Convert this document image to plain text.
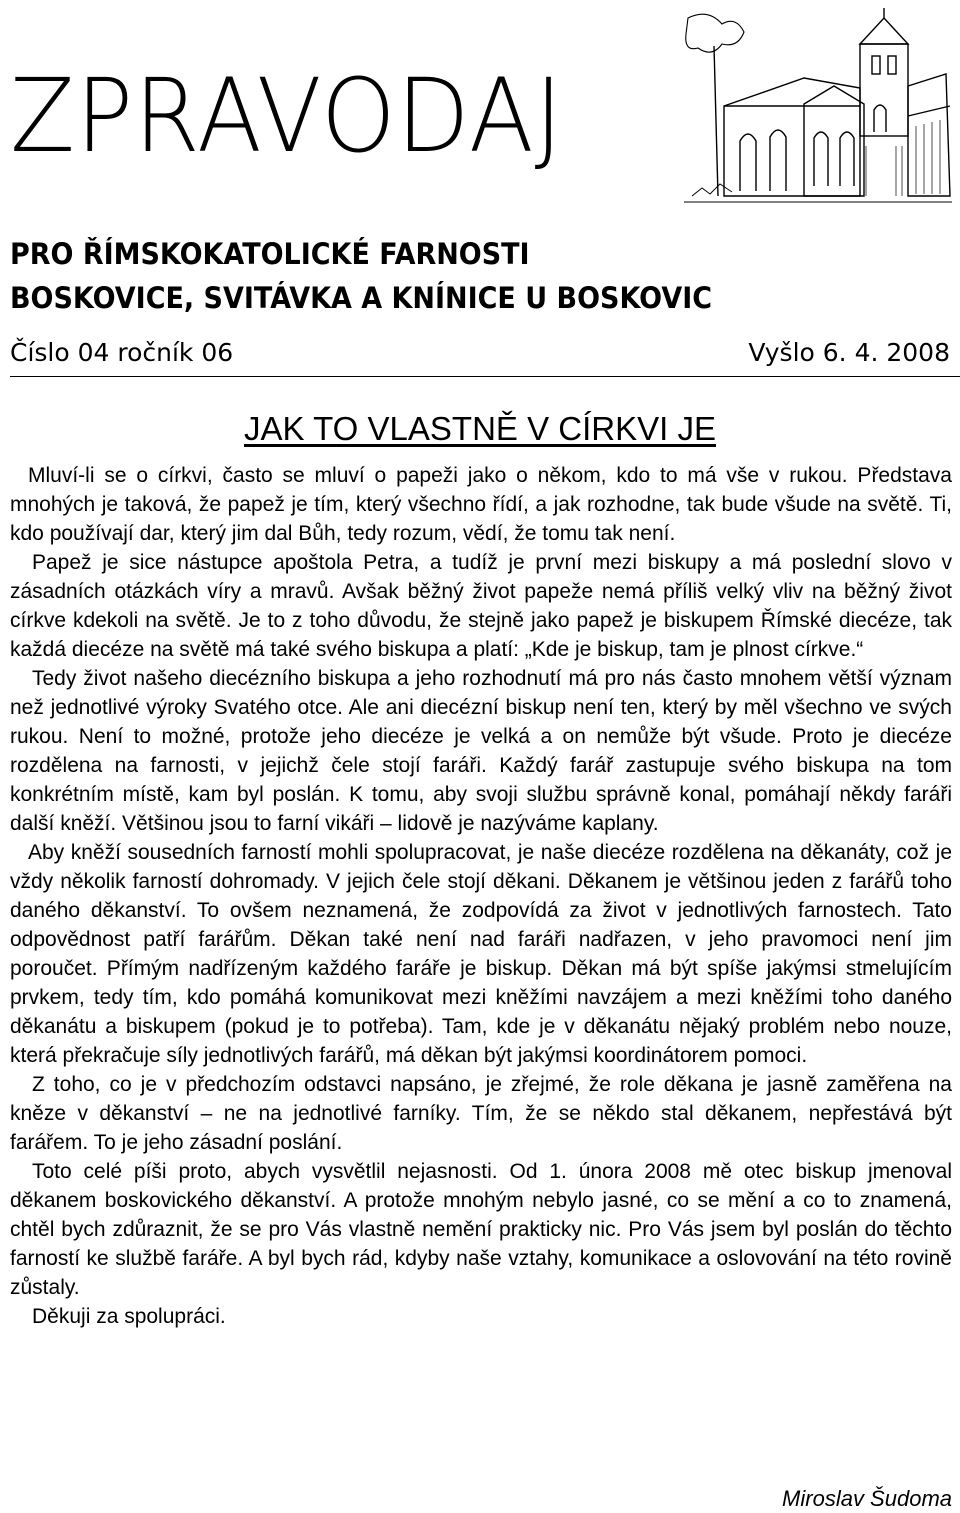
ZPRAVODAJ
PRO ŘÍMSKOKATOLICKÉ FARNOSTI
BOSKOVICE, SVITÁVKA A KNÍNICE U BOSKOVIC
Číslo 04 ročník 06	Vyšlo 6. 4. 2008
JAK TO VLASTNĚ V CÍRKVI JE

Mluví-li se o církvi, často se mluví o papeži jako o někom, kdo to má vše v rukou. Představa mnohých je taková, že papež je tím, který všechno řídí, a jak rozhodne, tak bude všude na světě. Ti, kdo používají dar, který jim dal Bůh, tedy rozum, vědí, že tomu tak není.

Papež je sice nástupce apoštola Petra, a tudíž je první mezi biskupy a má poslední slovo v zásadních otázkách víry a mravů. Avšak běžný život papeže nemá příliš velký vliv na běžný život církve kdekoli na světě. Je to z toho důvodu, že stejně jako papež je biskupem Římské diecéze, tak každá diecéze na světě má také svého biskupa a platí: „Kde je biskup, tam je plnost církve.“

Tedy život našeho diecézního biskupa a jeho rozhodnutí má pro nás často mnohem větší význam než jednotlivé výroky Svatého otce. Ale ani diecézní biskup není ten, který by měl všechno ve svých rukou. Není to možné, protože jeho diecéze je velká a on nemůže být všude. Proto je diecéze rozdělena na farnosti, v jejichž čele stojí faráři. Každý farář zastupuje svého biskupa na tom konkrétním místě, kam byl poslán. K tomu, aby svoji službu správně konal, pomáhají někdy faráři další kněží. Většinou jsou to farní vikáři – lidově je nazýváme kaplany.

Aby kněží sousedních farností mohli spolupracovat, je naše diecéze rozdělena na děkanáty, což je vždy několik farností dohromady. V jejich čele stojí děkani. Děkanem je většinou jeden z farářů toho daného děkanství. To ovšem neznamená, že zodpovídá za život v jednotlivých farnostech. Tato odpovědnost patří farářům. Děkan také není nad faráři nadřazen, v jeho pravomoci není jim poroučet. Přímým nadřízeným každého faráře je biskup. Děkan má být spíše jakýmsi stmelujícím prvkem, tedy tím, kdo pomáhá komunikovat mezi kněžími navzájem a mezi kněžími toho daného děkanátu a biskupem (pokud je to potřeba). Tam, kde je v děkanátu nějaký problém nebo nouze, která překračuje síly jednotlivých farářů, má děkan být jakýmsi koordinátorem pomoci.

Z toho, co je v předchozím odstavci napsáno, je zřejmé, že role děkana je jasně zaměřena na kněze v děkanství – ne na jednotlivé farníky. Tím, že se někdo stal děkanem, nepřestává být farářem. To je jeho zásadní poslání.

Toto celé píši proto, abych vysvětlil nejasnosti. Od 1. února 2008 mě otec biskup jmenoval děkanem boskovického děkanství. A protože mnohým nebylo jasné, co se mění a co to znamená, chtěl bych zdůraznit, že se pro Vás vlastně nemění prakticky nic. Pro Vás jsem byl poslán do těchto farností ke službě faráře. A byl bych rád, kdyby naše vztahy, komunikace a oslovování na této rovině zůstaly.

Děkuji za spolupráci.

Miroslav Šudoma
